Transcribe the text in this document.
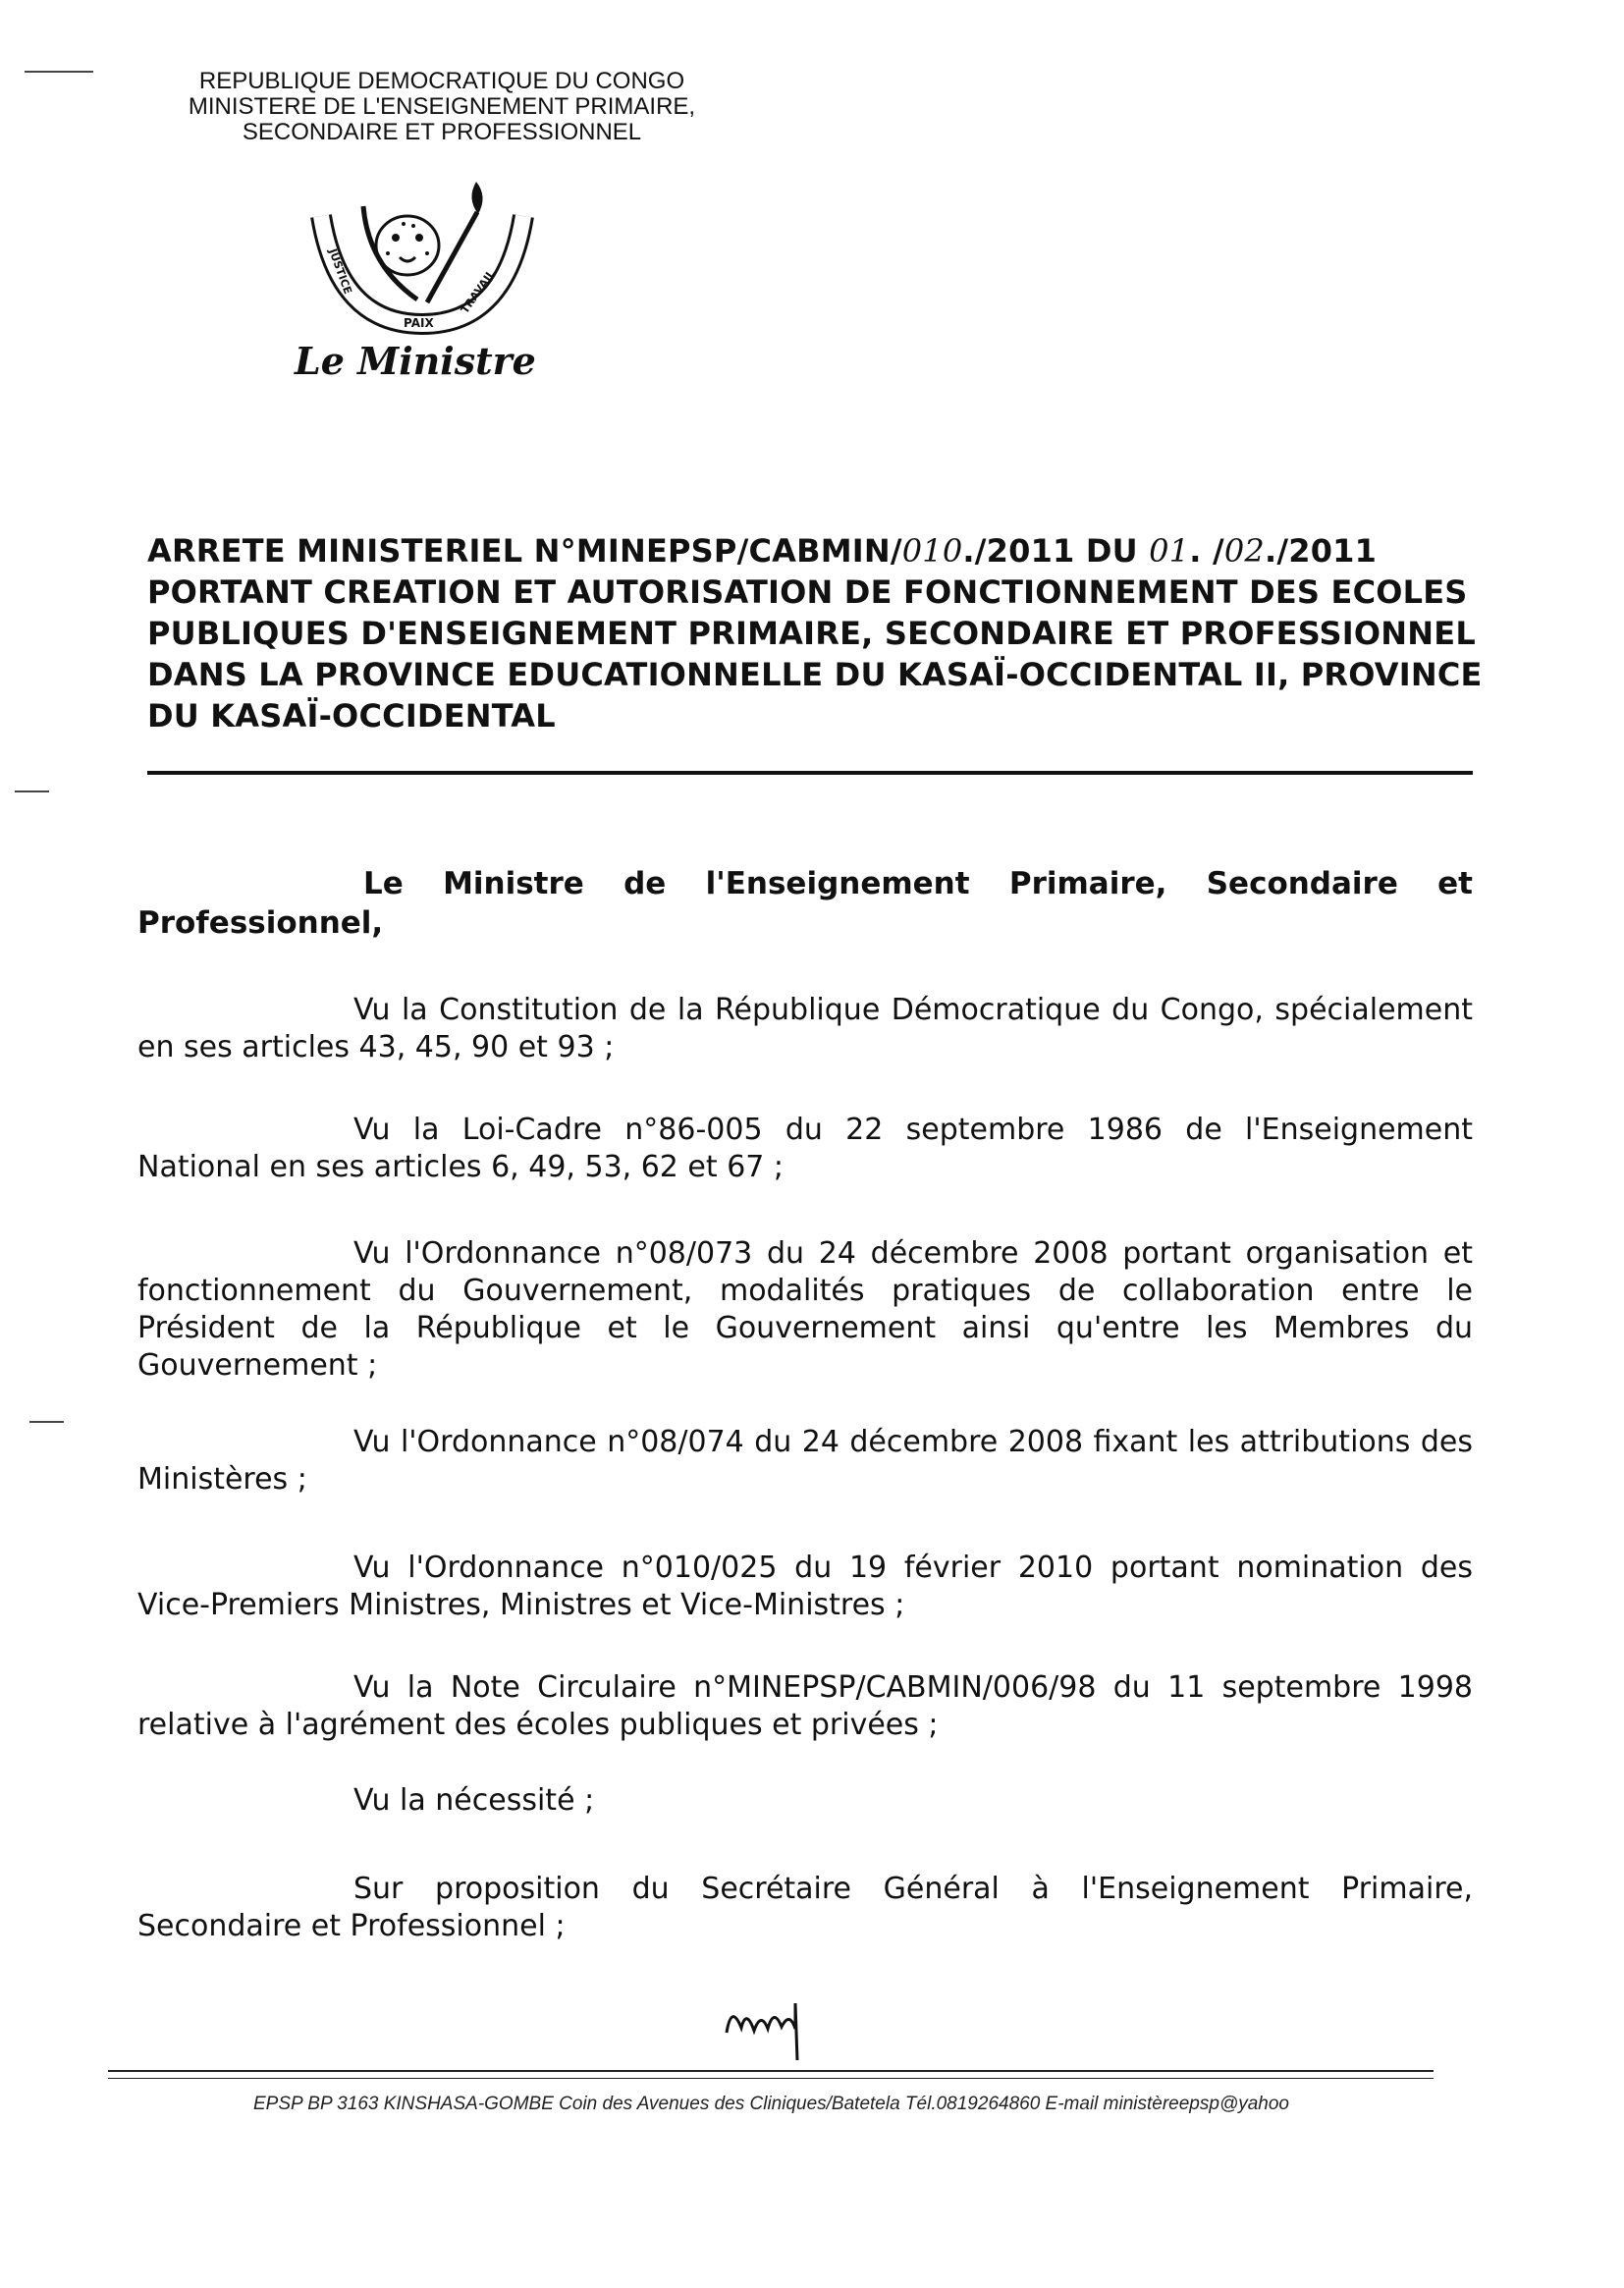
REPUBLIQUE DEMOCRATIQUE DU CONGO
MINISTERE DE L'ENSEIGNEMENT PRIMAIRE,
SECONDAIRE ET PROFESSIONNEL
JUSTICE
PAIX
TRAVAIL
Le Ministre
ARRETE MINISTERIEL N°MINEPSP/CABMIN/010./2011 DU 01. /02./2011
PORTANT CREATION ET AUTORISATION DE FONCTIONNEMENT DES ECOLES
PUBLIQUES D'ENSEIGNEMENT PRIMAIRE, SECONDAIRE ET PROFESSIONNEL
DANS LA PROVINCE EDUCATIONNELLE DU KASAÏ-OCCIDENTAL II, PROVINCE
DU KASAÏ-OCCIDENTAL
Le Ministre de l'Enseignement Primaire, Secondaire et Professionnel,
Vu la Constitution de la République Démocratique du Congo, spécialement en ses articles 43, 45, 90 et 93 ;
Vu la Loi-Cadre n°86-005 du 22 septembre 1986 de l'Enseignement National en ses articles 6, 49, 53, 62 et 67 ;
Vu l'Ordonnance n°08/073 du 24 décembre 2008 portant organisation et fonctionnement du Gouvernement, modalités pratiques de collaboration entre le Président de la République et le Gouvernement ainsi qu'entre les Membres du Gouvernement ;
Vu l'Ordonnance n°08/074 du 24 décembre 2008 fixant les attributions des Ministères ;
Vu l'Ordonnance n°010/025 du 19 février 2010 portant nomination des Vice-Premiers Ministres, Ministres et Vice-Ministres ;
Vu la Note Circulaire n°MINEPSP/CABMIN/006/98 du 11 septembre 1998 relative à l'agrément des écoles publiques et privées ;
Vu la nécessité ;
Sur proposition du Secrétaire Général à l'Enseignement Primaire, Secondaire et Professionnel ;
EPSP BP 3163 KINSHASA-GOMBE Coin des Avenues des Cliniques/Batetela Tél.0819264860 E-mail ministèreepsp@yahoo
